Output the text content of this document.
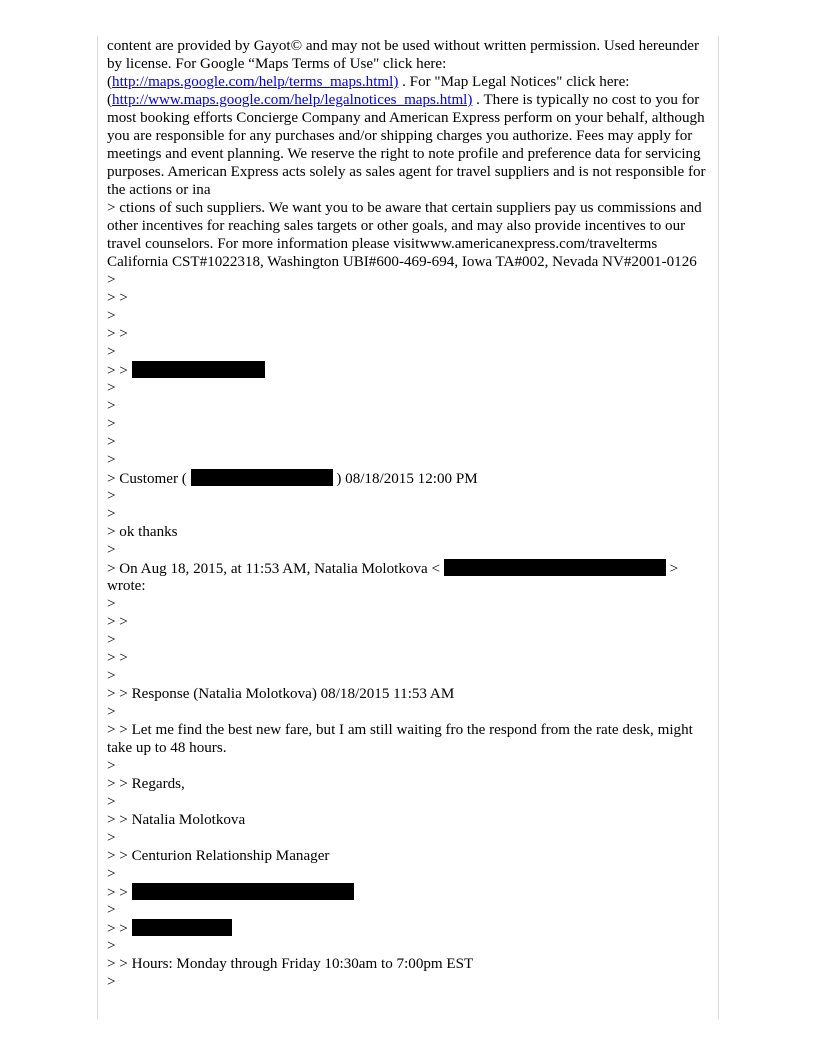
content are provided by Gayot© and may not be used without written permission. Used hereunder by license. For Google “Maps Terms of Use" click here: (http://maps.google.com/help/terms_maps.html) . For "Map Legal Notices" click here: (http://www.maps.google.com/help/legalnotices_maps.html) . There is typically no cost to you for most booking efforts Concierge Company and American Express perform on your behalf, although you are responsible for any purchases and/or shipping charges you authorize. Fees may apply for meetings and event planning. We reserve the right to note profile and preference data for servicing purposes. American Express acts solely as sales agent for travel suppliers and is not responsible for the actions or ina

> ctions of such suppliers. We want you to be aware that certain suppliers pay us commissions and other incentives for reaching sales targets or other goals, and may also provide incentives to our travel counselors. For more information please visitwww.americanexpress.com/travelterms California CST#1022318, Washington UBI#600-469-694, Iowa TA#002, Nevada NV#2001-0126

>
> >
>
> >
>
> >
>
>
>
>
>
> Customer (	) 08/18/2015 12:00 PM
>
>
> ok thanks
>
> On Aug 18, 2015, at 11:53 AM, Natalia Molotkova <	>
wrote:
>
> >
>
> >
>
> > Response (Natalia Molotkova) 08/18/2015 11:53 AM
>
> > Let me find the best new fare, but I am still waiting fro the respond from the rate desk, might take up to 48 hours.
>
> > Regards,
>
> > Natalia Molotkova
>
> > Centurion Relationship Manager
>
> >
>
> >
>
> > Hours: Monday through Friday 10:30am to 7:00pm EST
>
